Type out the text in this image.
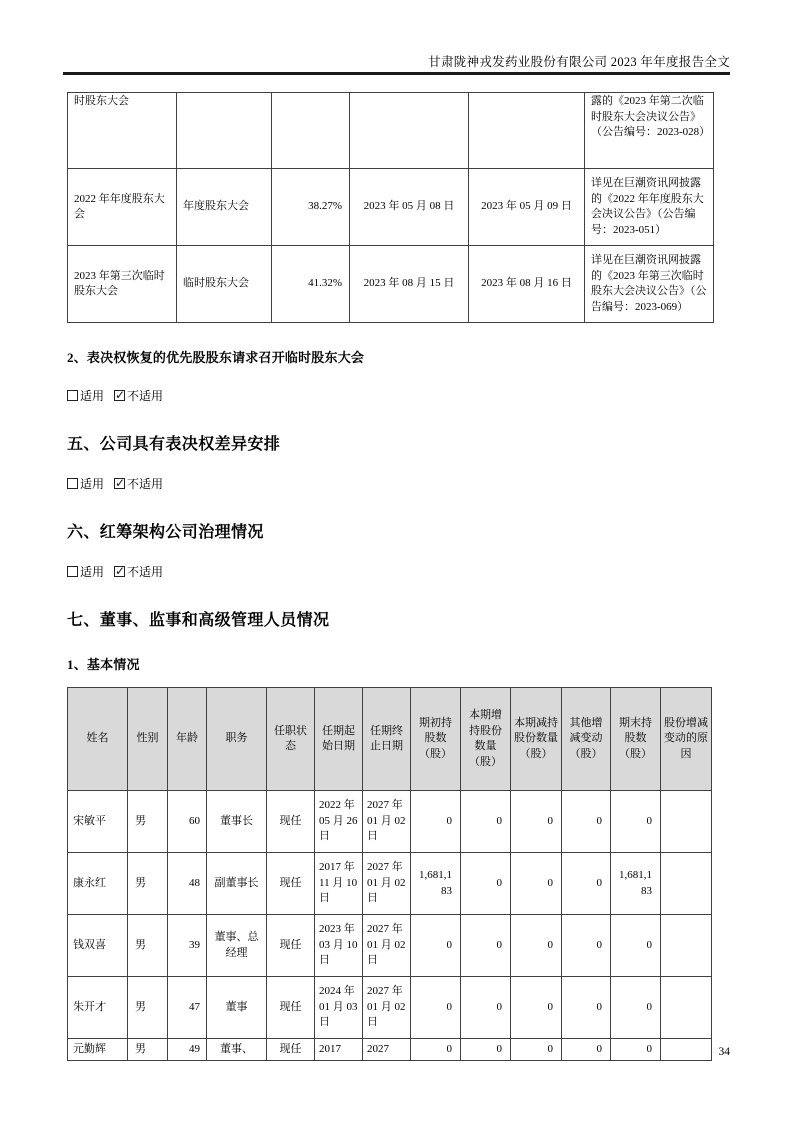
甘肃陇神戎发药业股份有限公司 2023 年年度报告全文
时股东大会					露的《2023 年第二次临时股东大会决议公告》（公告编号：2023-028）
2022 年年度股东大会	年度股东大会	38.27%	2023 年 05 月 08 日	2023 年 05 月 09 日	详见在巨潮资讯网披露的《2022 年年度股东大会决议公告》（公告编号：2023-051）
2023 年第三次临时股东大会	临时股东大会	41.32%	2023 年 08 月 15 日	2023 年 08 月 16 日	详见在巨潮资讯网披露的《2023 年第三次临时股东大会决议公告》（公告编号：2023-069）
2、表决权恢复的优先股股东请求召开临时股东大会
适用 ✓ 不适用
五、公司具有表决权差异安排
适用 ✓ 不适用
六、红筹架构公司治理情况
适用 ✓ 不适用
七、董事、监事和高级管理人员情况
1、基本情况
姓名	性别	年龄	职务	任职状态	任期起始日期	任期终止日期	期初持股数（股）	本期增持股份数量（股）	本期减持股份数量（股）	其他增减变动（股）	期末持股数（股）	股份增减变动的原因
宋敏平	男	60	董事长	现任	2022 年 05 月 26 日	2027 年 01 月 02 日	0	0	0	0	0	
康永红	男	48	副董事长	现任	2017 年 11 月 10 日	2027 年 01 月 02 日	1,681,183	0	0	0	1,681,183	
钱双喜	男	39	董事、总经理	现任	2023 年 03 月 10 日	2027 年 01 月 02 日	0	0	0	0	0	
朱开才	男	47	董事	现任	2024 年 01 月 03 日	2027 年 01 月 02 日	0	0	0	0	0	
元勤辉	男	49	董事、	现任	2017	2027	0	0	0	0	0		34
